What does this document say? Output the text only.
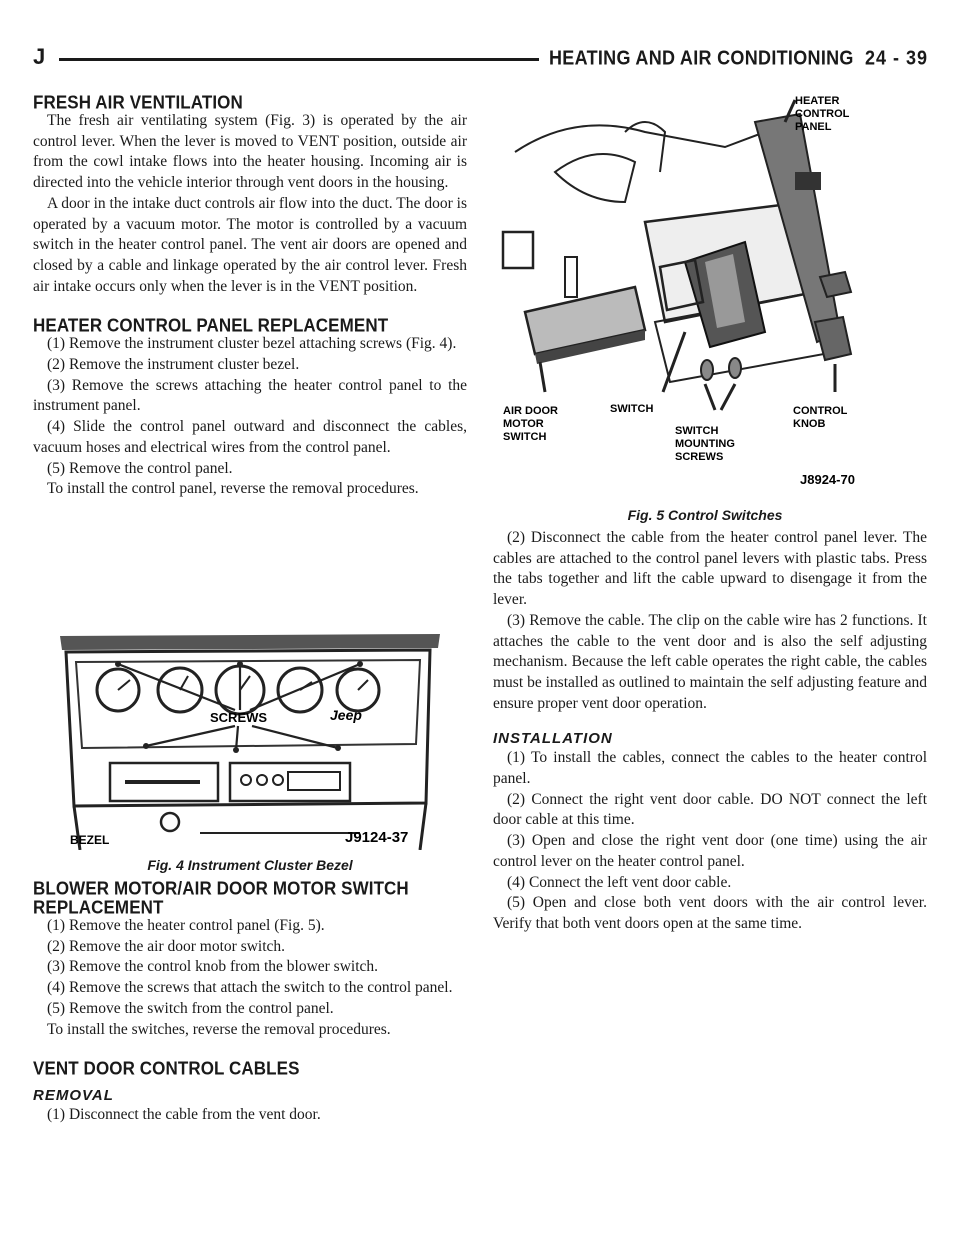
J	HEATING AND AIR CONDITIONING 24 - 39
FRESH AIR VENTILATION

The fresh air ventilating system (Fig. 3) is operated by the air control lever. When the lever is moved to VENT position, outside air from the cowl intake flows into the heater housing. Incoming air is directed into the vehicle interior through vent doors in the housing.

A door in the intake duct controls air flow into the duct. The door is operated by a vacuum motor. The motor is controlled by a vacuum switch in the heater control panel. The vent air doors are opened and closed by a cable and linkage operated by the air control lever. Fresh air intake occurs only when the lever is in the VENT position.

HEATER CONTROL PANEL REPLACEMENT

(1) Remove the instrument cluster bezel attaching screws (Fig. 4).

(2) Remove the instrument cluster bezel.

(3) Remove the screws attaching the heater control panel to the instrument panel.

(4) Slide the control panel outward and disconnect the cables, vacuum hoses and electrical wires from the control panel.

(5) Remove the control panel.

To install the control panel, reverse the removal procedures.

SCREWS	Jeep
BEZEL	J9124-37
Fig. 4 Instrument Cluster Bezel
BLOWER MOTOR/AIR DOOR MOTOR SWITCH
REPLACEMENT

(1) Remove the heater control panel (Fig. 5).

(2) Remove the air door motor switch.

(3) Remove the control knob from the blower switch.

(4) Remove the screws that attach the switch to the control panel.

(5) Remove the switch from the control panel.

To install the switches, reverse the removal procedures.

VENT DOOR CONTROL CABLES
REMOVAL

(1) Disconnect the cable from the vent door.

HEATER
CONTROL
PANEL
AIR DOOR
MOTOR
SWITCH
SWITCH
SWITCH
MOUNTING
SCREWS
CONTROL
KNOB
J8924-70
Fig. 5 Control Switches

(2) Disconnect the cable from the heater control panel lever. The cables are attached to the control panel levers with plastic tabs. Press the tabs together and lift the cable upward to disengage it from the lever.

(3) Remove the cable. The clip on the cable wire has 2 functions. It attaches the cable to the vent door and is also the self adjusting mechanism. Because the left cable operates the right cable, the cables must be installed as outlined to maintain the self adjusting feature and ensure proper vent door operation.

INSTALLATION

(1) To install the cables, connect the cables to the heater control panel.

(2) Connect the right vent door cable. DO NOT connect the left door cable at this time.

(3) Open and close the right vent door (one time) using the air control lever on the heater control panel.

(4) Connect the left vent door cable.

(5) Open and close both vent doors with the air control lever. Verify that both vent doors open at the same time.
